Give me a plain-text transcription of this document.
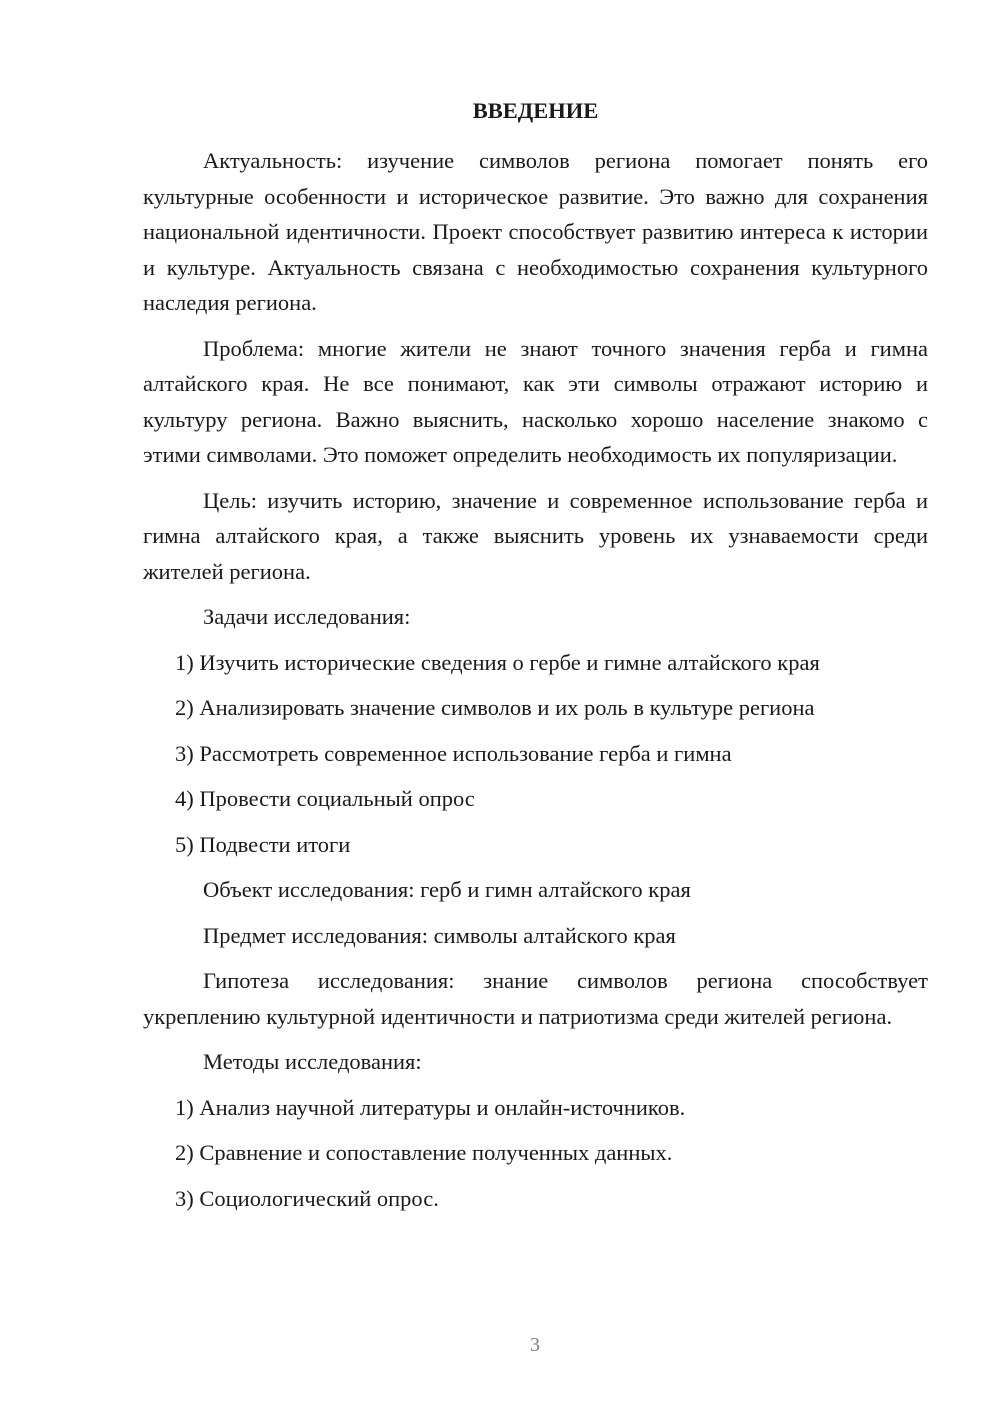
ВВЕДЕНИЕ

Актуальность: изучение символов региона помогает понять его культурные особенности и историческое развитие. Это важно для сохранения национальной идентичности. Проект способствует развитию интереса к истории и культуре. Актуальность связана с необходимостью сохранения культурного наследия региона.

Проблема: многие жители не знают точного значения герба и гимна алтайского края. Не все понимают, как эти символы отражают историю и культуру региона. Важно выяснить, насколько хорошо население знакомо с этими символами. Это поможет определить необходимость их популяризации.

Цель: изучить историю, значение и современное использование герба и гимна алтайского края, а также выяснить уровень их узнаваемости среди жителей региона.

Задачи исследования:
1) Изучить исторические сведения о гербе и гимне алтайского края
2) Анализировать значение символов и их роль в культуре региона
3) Рассмотреть современное использование герба и гимна
4) Провести социальный опрос
5) Подвести итоги
Объект исследования: герб и гимн алтайского края
Предмет исследования: символы алтайского края

Гипотеза исследования: знание символов региона способствует укреплению культурной идентичности и патриотизма среди жителей региона.

Методы исследования:
1) Анализ научной литературы и онлайн-источников.
2) Сравнение и сопоставление полученных данных.
3) Социологический опрос.
3
